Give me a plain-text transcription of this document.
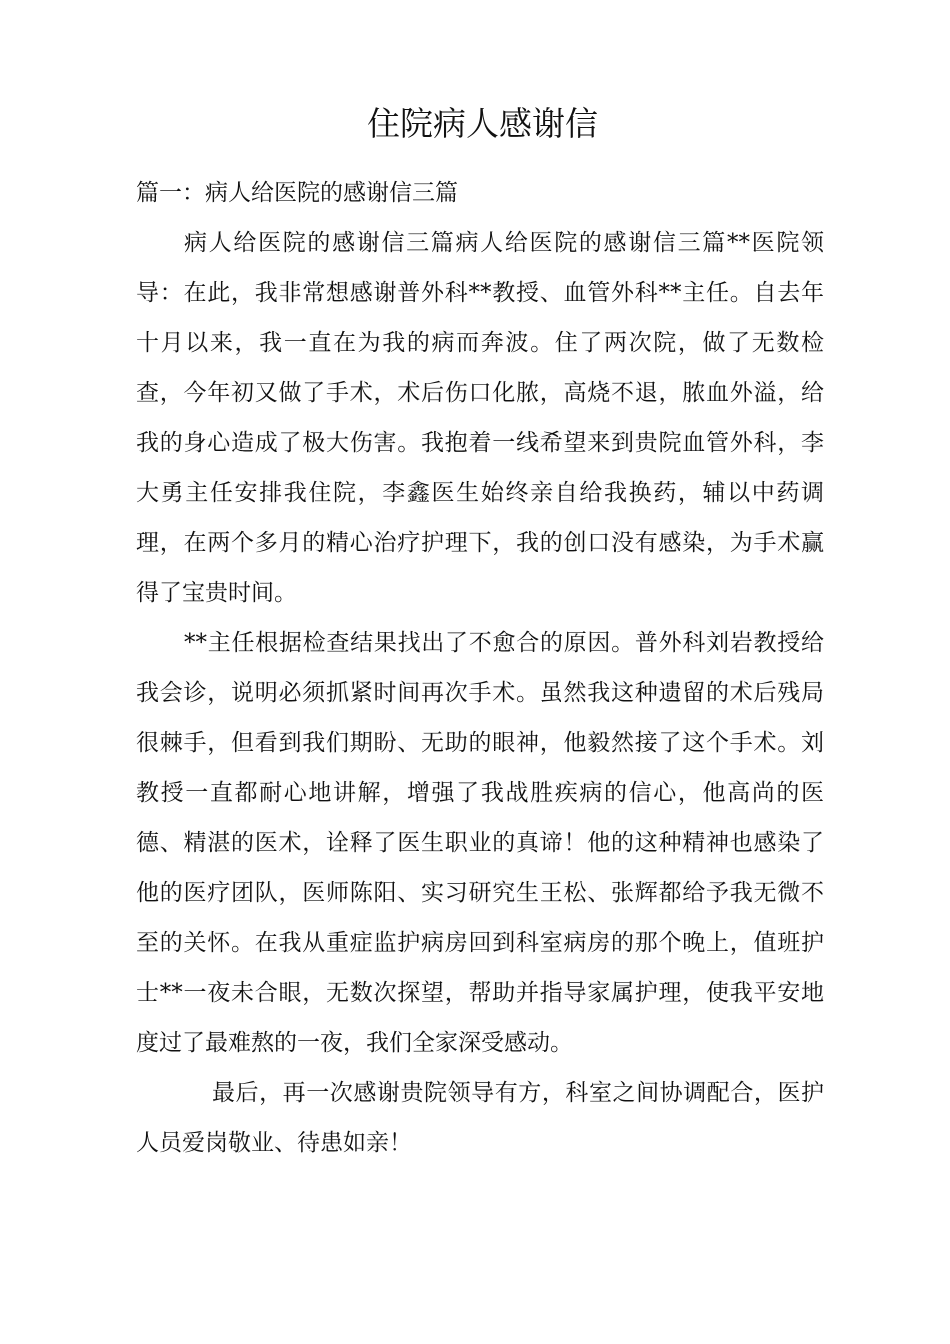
住院病人感谢信

篇一：病人给医院的感谢信三篇

病人给医院的感谢信三篇病人给医院的感谢信三篇**医院领导：在此，我非常想感谢普外科**教授、血管外科**主任。自去年十月以来，我一直在为我的病而奔波。住了两次院，做了无数检查，今年初又做了手术，术后伤口化脓，高烧不退，脓血外溢，给我的身心造成了极大伤害。我抱着一线希望来到贵院血管外科，李大勇主任安排我住院，李鑫医生始终亲自给我换药，辅以中药调理，在两个多月的精心治疗护理下，我的创口没有感染，为手术赢得了宝贵时间。

**主任根据检查结果找出了不愈合的原因。普外科刘岩教授给我会诊，说明必须抓紧时间再次手术。虽然我这种遗留的术后残局很棘手，但看到我们期盼、无助的眼神，他毅然接了这个手术。刘教授一直都耐心地讲解，增强了我战胜疾病的信心，他高尚的医德、精湛的医术，诠释了医生职业的真谛！他的这种精神也感染了他的医疗团队，医师陈阳、实习研究生王松、张辉都给予我无微不至的关怀。在我从重症监护病房回到科室病房的那个晚上，值班护士**一夜未合眼，无数次探望，帮助并指导家属护理，使我平安地度过了最难熬的一夜，我们全家深受感动。

最后，再一次感谢贵院领导有方，科室之间协调配合，医护人员爱岗敬业、待患如亲！
